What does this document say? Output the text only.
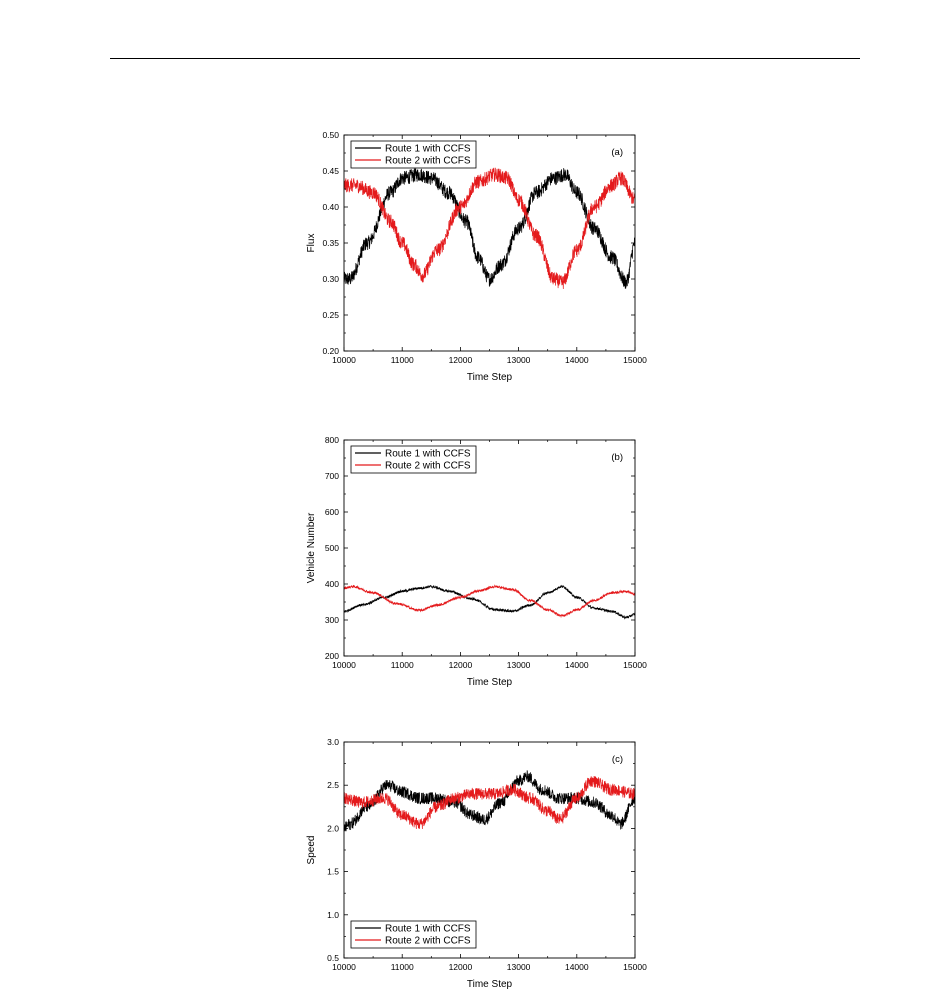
10000	11000	12000	13000	14000	15000
0.20
0.25
0.30
0.35
0.40
0.45
0.50
Time Step
Flux
(a)
Route 1 with CCFS
Route 2 with CCFS
10000	11000	12000	13000	14000	15000
200
300
400
500
600
700
800
Time Step
Vehicle Number
(b)
Route 1 with CCFS
Route 2 with CCFS
10000	11000	12000	13000	14000	15000
0.5
1.0
1.5
2.0
2.5
3.0
Time Step
Speed
(c)
Route 1 with CCFS
Route 2 with CCFS
